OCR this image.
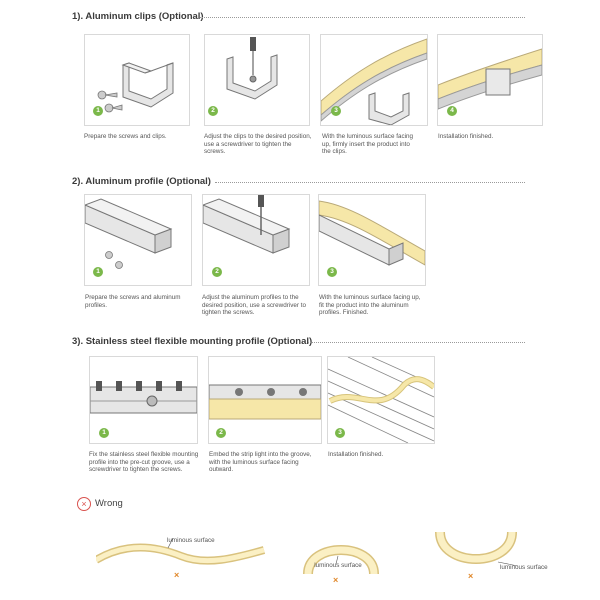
1). Aluminum clips (Optional)
1	2	3	4
Prepare the screws and clips.	Adjust the clips to the desired position, use a screwdriver to tighten the screws.
With the luminous surface facing up, firmly insert the product into the clips.
Installation finished.
2). Aluminum profile (Optional)
1	2	3
Prepare the screws and aluminum profiles.
Adjust the aluminum profiles to the desired position, use a screwdriver to tighten the screws.
With the luminous surface facing up, fit the product into the aluminum profiles. Finished.
3). Stainless steel flexible mounting profile (Optional)
1	2	3
Fix the stainless steel flexible mounting profile into the pre-cut groove, use a screwdriver to tighten the screws.
Embed the strip light into the groove, with the luminous surface facing outward.
Installation finished.
× Wrong
luminous surface
×
luminous surface
×
luminous surface
×
